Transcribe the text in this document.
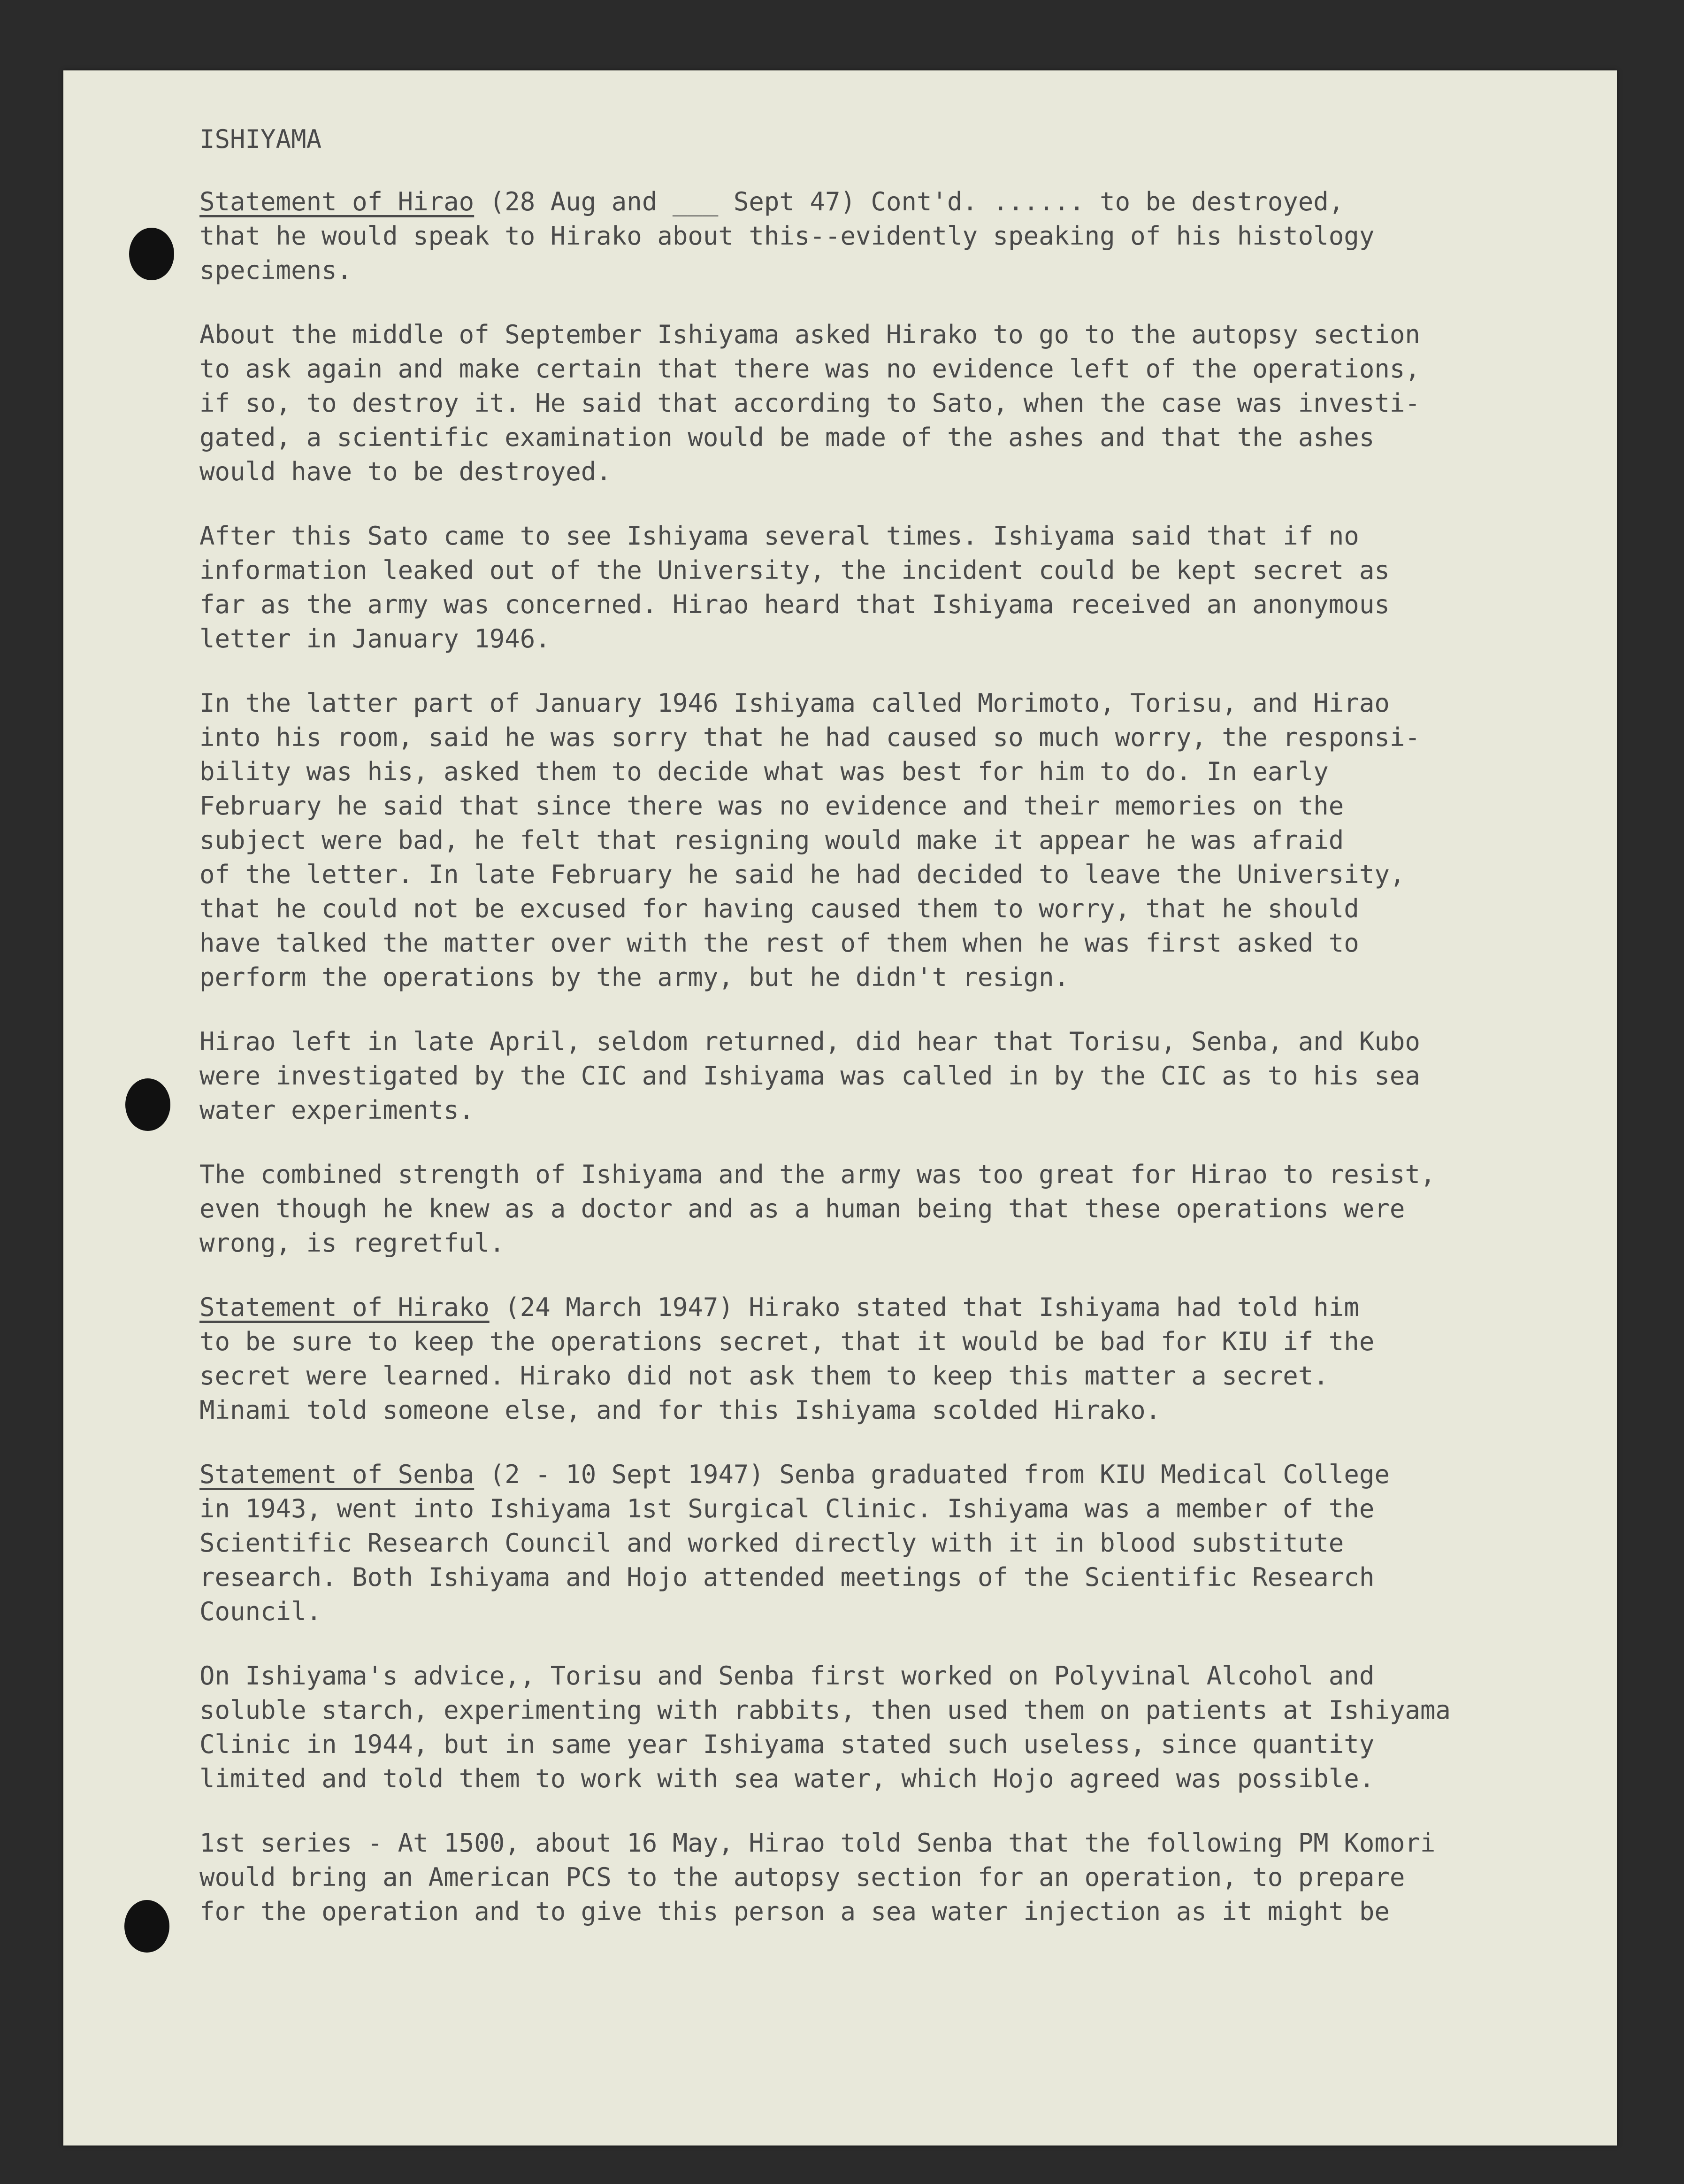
ISHIYAMA
Statement of Hirao (28 Aug and ___ Sept 47) Cont'd. ...... to be destroyed,
that he would speak to Hirako about this--evidently speaking of his histology
specimens.
About the middle of September Ishiyama asked Hirako to go to the autopsy section
to ask again and make certain that there was no evidence left of the operations,
if so, to destroy it. He said that according to Sato, when the case was investi-
gated, a scientific examination would be made of the ashes and that the ashes
would have to be destroyed.
After this Sato came to see Ishiyama several times. Ishiyama said that if no
information leaked out of the University, the incident could be kept secret as
far as the army was concerned. Hirao heard that Ishiyama received an anonymous
letter in January 1946.
In the latter part of January 1946 Ishiyama called Morimoto, Torisu, and Hirao
into his room, said he was sorry that he had caused so much worry, the responsi-
bility was his, asked them to decide what was best for him to do. In early
February he said that since there was no evidence and their memories on the
subject were bad, he felt that resigning would make it appear he was afraid
of the letter. In late February he said he had decided to leave the University,
that he could not be excused for having caused them to worry, that he should
have talked the matter over with the rest of them when he was first asked to
perform the operations by the army, but he didn't resign.
Hirao left in late April, seldom returned, did hear that Torisu, Senba, and Kubo
were investigated by the CIC and Ishiyama was called in by the CIC as to his sea
water experiments.
The combined strength of Ishiyama and the army was too great for Hirao to resist,
even though he knew as a doctor and as a human being that these operations were
wrong, is regretful.
Statement of Hirako (24 March 1947) Hirako stated that Ishiyama had told him
to be sure to keep the operations secret, that it would be bad for KIU if the
secret were learned. Hirako did not ask them to keep this matter a secret.
Minami told someone else, and for this Ishiyama scolded Hirako.
Statement of Senba (2 - 10 Sept 1947) Senba graduated from KIU Medical College
in 1943, went into Ishiyama 1st Surgical Clinic. Ishiyama was a member of the
Scientific Research Council and worked directly with it in blood substitute
research. Both Ishiyama and Hojo attended meetings of the Scientific Research
Council.
On Ishiyama's advice,, Torisu and Senba first worked on Polyvinal Alcohol and
soluble starch, experimenting with rabbits, then used them on patients at Ishiyama
Clinic in 1944, but in same year Ishiyama stated such useless, since quantity
limited and told them to work with sea water, which Hojo agreed was possible.
1st series - At 1500, about 16 May, Hirao told Senba that the following PM Komori
would bring an American PCS to the autopsy section for an operation, to prepare
for the operation and to give this person a sea water injection as it might be
